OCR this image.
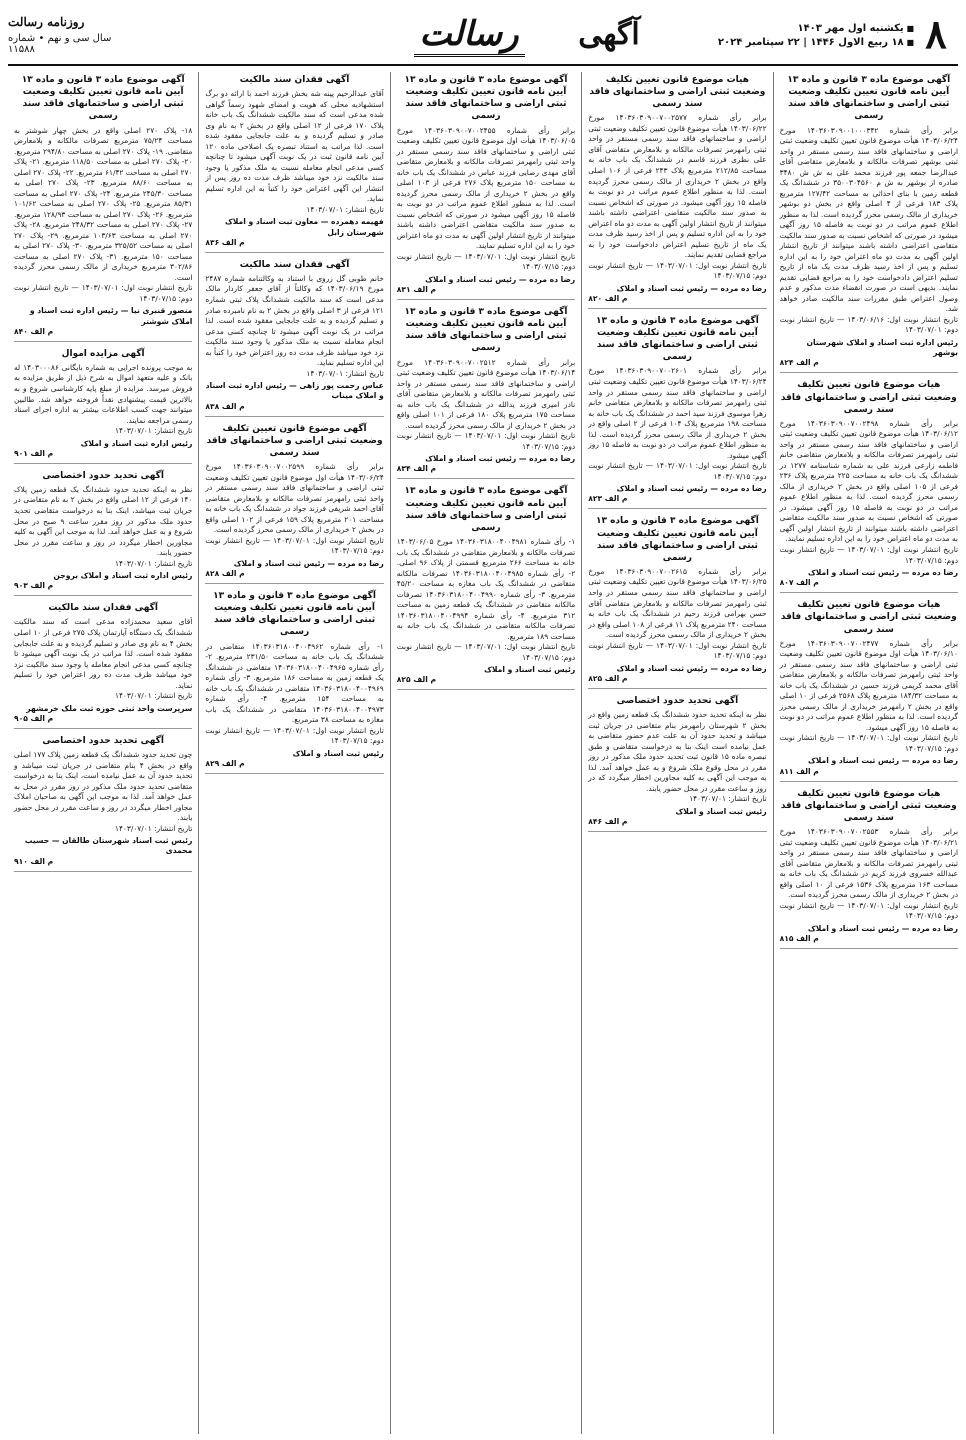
۸
■ یکشنبه اول مهر ۱۴۰۳
■ ۱۸ ربیع الاول ۱۴۴۶ | ۲۲ سپتامبر ۲۰۲۴
آگهی
رسالت
روزنامه رسالت
سال سی و نهم • شماره ۱۱۵۸۸
آگهی موضوع ماده ۳ قانون و ماده ۱۳ آیین نامه قانون تعیین تکلیف وضعیت ثبتی اراضی و ساختمانهای فاقد سند رسمی
برابر رأی شماره ۱۴۰۳۶۰۳۰۹۰۰۱۰۰۰۳۴۲ مورخ ۱۴۰۳/۰۶/۲۴ هیأت موضوع قانون تعیین تکلیف وضعیت ثبتی اراضی و ساختمانهای فاقد سند رسمی مستقر در واحد ثبتی بوشهر تصرفات مالکانه و بلامعارض متقاضی آقای عبدالرضا جمعه پور فرزند محمد علی به ش ش ۳۴۸۰ صادره از بوشهر به ش م ۳۵۰۰۳۰۴۵۶۰ در ششدانگ یک قطعه زمین با بنای احداثی به مساحت ۱۲۷/۴۲ مترمربع پلاک ۱۸۳ فرعی از ۴ اصلی واقع در بخش دو بوشهر خریداری از مالک رسمی محرز گردیده است. لذا به منظور اطلاع عموم مراتب در دو نوبت به فاصله ۱۵ روز آگهی میشود در صورتی که اشخاص نسبت به صدور سند مالکیت متقاضی اعتراضی داشته باشند میتوانند از تاریخ انتشار اولین آگهی به مدت دو ماه اعتراض خود را به این اداره تسلیم و پس از اخذ رسید ظرف مدت یک ماه از تاریخ تسلیم اعتراض دادخواست خود را به مراجع قضایی تقدیم نمایند. بدیهی است در صورت انقضاء مدت مذکور و عدم وصول اعتراض طبق مقررات سند مالکیت صادر خواهد شد.
تاریخ انتشار نوبت اول: ۱۴۰۳/۰۶/۱۶ — تاریخ انتشار نوبت دوم: ۱۴۰۳/۰۷/۰۱
رئیس اداره ثبت اسناد و املاک شهرستان بوشهر
م الف ۸۲۴
هیات موضوع قانون تعیین تکلیف وضعیت ثبتی اراضی و ساختمانهای فاقد سند رسمی
برابر رأی شماره ۱۴۰۳۶۰۳۰۹۰۰۷۰۰۲۴۹۸ مورخ ۱۴۰۳/۰۶/۱۲ هیأت موضوع قانون تعیین تکلیف وضعیت ثبتی اراضی و ساختمانهای فاقد سند رسمی مستقر در واحد ثبتی رامهرمز تصرفات مالکانه و بلامعارض متقاضی خانم فاطمه زارعی فرزند علی به شماره شناسنامه ۱۲۷۷ در ششدانگ یک باب خانه به مساحت ۲۲۵ مترمربع پلاک ۲۳۶ فرعی از ۱۰۵ اصلی واقع در بخش ۲ خریداری از مالک رسمی محرز گردیده است. لذا به منظور اطلاع عموم مراتب در دو نوبت به فاصله ۱۵ روز آگهی میشود. در صورتی که اشخاص نسبت به صدور سند مالکیت متقاضی اعتراضی داشته باشند میتوانند از تاریخ انتشار اولین آگهی به مدت دو ماه اعتراض خود را به این اداره تسلیم نمایند.
تاریخ انتشار نوبت اول: ۱۴۰۳/۰۷/۰۱ — تاریخ انتشار نوبت دوم: ۱۴۰۳/۰۷/۱۵
رضا ده مرده — رئیس ثبت اسناد و املاک
م الف ۸۰۷
هیات موضوع قانون تعیین تکلیف وضعیت ثبتی اراضی و ساختمانهای فاقد سند رسمی
برابر رأی شماره ۱۴۰۳۶۰۳۰۹۰۰۷۰۰۲۴۷۷ مورخ ۱۴۰۳/۰۶/۱۰ هیأت اول موضوع قانون تعیین تکلیف وضعیت ثبتی اراضی و ساختمانهای فاقد سند رسمی مستقر در واحد ثبتی رامهرمز تصرفات مالکانه و بلامعارض متقاضی آقای محمد کریمی فرزند حسین در ششدانگ یک باب خانه به مساحت ۱۸۴/۳۲ مترمربع پلاک ۲۵۶۸ فرعی از ۱۰ اصلی واقع در بخش ۲ رامهرمز خریداری از مالک رسمی محرز گردیده است. لذا به منظور اطلاع عموم مراتب در دو نوبت به فاصله ۱۵ روز آگهی میشود.
تاریخ انتشار نوبت اول: ۱۴۰۳/۰۷/۰۱ — تاریخ انتشار نوبت دوم: ۱۴۰۳/۰۷/۱۵
رضا ده مرده — رئیس ثبت اسناد و املاک
م الف ۸۱۱
هیات موضوع قانون تعیین تکلیف وضعیت ثبتی اراضی و ساختمانهای فاقد سند رسمی
برابر رأی شماره ۱۴۰۳۶۰۳۰۹۰۰۷۰۰۲۵۵۳ مورخ ۱۴۰۳/۰۶/۲۱ هیأت موضوع قانون تعیین تکلیف وضعیت ثبتی اراضی و ساختمانهای فاقد سند رسمی مستقر در واحد ثبتی رامهرمز تصرفات مالکانه و بلامعارض متقاضی آقای عبدالله خسروی فرزند کریم در ششدانگ یک باب خانه به مساحت ۱۶۳ مترمربع پلاک ۱۵۳۶ فرعی از ۱۰ اصلی واقع در بخش ۲ خریداری از مالک رسمی محرز گردیده است.
تاریخ انتشار نوبت اول: ۱۴۰۳/۰۷/۰۱ — تاریخ انتشار نوبت دوم: ۱۴۰۳/۰۷/۱۵
رضا ده مرده — رئیس ثبت اسناد و املاک
م الف ۸۱۵
هیات موضوع قانون تعیین تکلیف وضعیت ثبتی اراضی و ساختمانهای فاقد سند رسمی
برابر رأی شماره ۱۴۰۳۶۰۳۰۹۰۰۷۰۰۲۵۷۷ مورخ ۱۴۰۳/۰۶/۲۲ هیأت موضوع قانون تعیین تکلیف وضعیت ثبتی اراضی و ساختمانهای فاقد سند رسمی مستقر در واحد ثبتی رامهرمز تصرفات مالکانه و بلامعارض متقاضی آقای علی نظری فرزند قاسم در ششدانگ یک باب خانه به مساحت ۲۱۲/۸۵ مترمربع پلاک ۲۴۳ فرعی از ۱۰۶ اصلی واقع در بخش ۲ خریداری از مالک رسمی محرز گردیده است. لذا به منظور اطلاع عموم مراتب در دو نوبت به فاصله ۱۵ روز آگهی میشود. در صورتی که اشخاص نسبت به صدور سند مالکیت متقاضی اعتراضی داشته باشند میتوانند از تاریخ انتشار اولین آگهی به مدت دو ماه اعتراض خود را به این اداره تسلیم و پس از اخذ رسید ظرف مدت یک ماه از تاریخ تسلیم اعتراض دادخواست خود را به مراجع قضایی تقدیم نمایند.
تاریخ انتشار نوبت اول: ۱۴۰۳/۰۷/۰۱ — تاریخ انتشار نوبت دوم: ۱۴۰۳/۰۷/۱۵
رضا ده مرده — رئیس ثبت اسناد و املاک
م الف ۸۲۰
آگهی موضوع ماده ۳ قانون و ماده ۱۳ آیین نامه قانون تعیین تکلیف وضعیت ثبتی اراضی و ساختمانهای فاقد سند رسمی
برابر رأی شماره ۱۴۰۳۶۰۳۰۹۰۰۷۰۰۲۶۰۱ مورخ ۱۴۰۳/۰۶/۲۴ هیأت موضوع قانون تعیین تکلیف وضعیت ثبتی اراضی و ساختمانهای فاقد سند رسمی مستقر در واحد ثبتی رامهرمز تصرفات مالکانه و بلامعارض متقاضی خانم زهرا موسوی فرزند سید احمد در ششدانگ یک باب خانه به مساحت ۱۹۸ مترمربع پلاک ۱۰۴ فرعی از ۲ اصلی واقع در بخش ۲ خریداری از مالک رسمی محرز گردیده است. لذا به منظور اطلاع عموم مراتب در دو نوبت به فاصله ۱۵ روز آگهی میشود.
تاریخ انتشار نوبت اول: ۱۴۰۳/۰۷/۰۱ — تاریخ انتشار نوبت دوم: ۱۴۰۳/۰۷/۱۵
رضا ده مرده — رئیس ثبت اسناد و املاک
م الف ۸۲۳
آگهی موضوع ماده ۳ قانون و ماده ۱۳ آیین نامه قانون تعیین تکلیف وضعیت ثبتی اراضی و ساختمانهای فاقد سند رسمی
برابر رأی شماره ۱۴۰۳۶۰۳۰۹۰۰۷۰۰۲۶۱۵ مورخ ۱۴۰۳/۰۶/۲۵ هیأت موضوع قانون تعیین تکلیف وضعیت ثبتی اراضی و ساختمانهای فاقد سند رسمی مستقر در واحد ثبتی رامهرمز تصرفات مالکانه و بلامعارض متقاضی آقای حسن بهرامی فرزند رحیم در ششدانگ یک باب خانه به مساحت ۲۴۰ مترمربع پلاک ۱۱ فرعی از ۱۰۸ اصلی واقع در بخش ۲ خریداری از مالک رسمی محرز گردیده است.
تاریخ انتشار نوبت اول: ۱۴۰۳/۰۷/۰۱ — تاریخ انتشار نوبت دوم: ۱۴۰۳/۰۷/۱۵
رضا ده مرده — رئیس ثبت اسناد و املاک
م الف ۸۲۵
آگهی تحدید حدود اختصاصی
نظر به اینکه تحدید حدود ششدانگ یک قطعه زمین واقع در بخش ۲ شهرستان رامهرمز بنام متقاضی در جریان ثبت میباشد و تحدید حدود آن به علت عدم حضور متقاضی به عمل نیامده است اینک بنا به درخواست متقاضی و طبق تبصره ماده ۱۵ قانون ثبت تحدید حدود ملک مذکور در روز مقرر در محل وقوع ملک شروع و به عمل خواهد آمد. لذا به موجب این آگهی به کلیه مجاورین اخطار میگردد که در روز و ساعت مقرر در محل حضور یابند.
تاریخ انتشار: ۱۴۰۳/۰۷/۰۱
رئیس ثبت اسناد و املاک
م الف ۸۴۶
آگهی موضوع ماده ۳ قانون و ماده ۱۳ آیین نامه قانون تعیین تکلیف وضعیت ثبتی اراضی و ساختمانهای فاقد سند رسمی
برابر رأی شماره ۱۴۰۳۶۰۳۰۹۰۰۷۰۰۲۴۵۵ مورخ ۱۴۰۳/۰۶/۰۵ هیأت اول موضوع قانون تعیین تکلیف وضعیت ثبتی اراضی و ساختمانهای فاقد سند رسمی مستقر در واحد ثبتی رامهرمز تصرفات مالکانه و بلامعارض متقاضی آقای مهدی رضایی فرزند عباس در ششدانگ یک باب خانه به مساحت ۱۵۰ مترمربع پلاک ۲۷۶ فرعی از ۱۰۳ اصلی واقع در بخش ۲ خریداری از مالک رسمی محرز گردیده است. لذا به منظور اطلاع عموم مراتب در دو نوبت به فاصله ۱۵ روز آگهی میشود در صورتی که اشخاص نسبت به صدور سند مالکیت متقاضی اعتراضی داشته باشند میتوانند از تاریخ انتشار اولین آگهی به مدت دو ماه اعتراض خود را به این اداره تسلیم نمایند.
تاریخ انتشار نوبت اول: ۱۴۰۳/۰۷/۰۱ — تاریخ انتشار نوبت دوم: ۱۴۰۳/۰۷/۱۵
رضا ده مرده — رئیس ثبت اسناد و املاک
م الف ۸۳۱
آگهی موضوع ماده ۳ قانون و ماده ۱۳ آیین نامه قانون تعیین تکلیف وضعیت ثبتی اراضی و ساختمانهای فاقد سند رسمی
برابر رأی شماره ۱۴۰۳۶۰۳۰۹۰۰۷۰۰۲۵۱۲ مورخ ۱۴۰۳/۰۶/۱۴ هیأت موضوع قانون تعیین تکلیف وضعیت ثبتی اراضی و ساختمانهای فاقد سند رسمی مستقر در واحد ثبتی رامهرمز تصرفات مالکانه و بلامعارض متقاضی آقای نادر امیری فرزند یدالله در ششدانگ یک باب خانه به مساحت ۱۷۵ مترمربع پلاک ۱۸۰ فرعی از ۱۰۱ اصلی واقع در بخش ۲ خریداری از مالک رسمی محرز گردیده است.
تاریخ انتشار نوبت اول: ۱۴۰۳/۰۷/۰۱ — تاریخ انتشار نوبت دوم: ۱۴۰۳/۰۷/۱۵
رضا ده مرده — رئیس ثبت اسناد و املاک
م الف ۸۳۴
آگهی موضوع ماده ۳ قانون و ماده ۱۳ آیین نامه قانون تعیین تکلیف وضعیت ثبتی اراضی و ساختمانهای فاقد سند رسمی
۱- رأی شماره ۱۴۰۳۶۰۳۱۸۰۰۴۰۰۴۹۸۱ مورخ ۱۴۰۳/۰۶/۰۵ تصرفات مالکانه و بلامعارض متقاضی در ششدانگ یک باب خانه به مساحت ۲۶۶ مترمربع قسمتی از پلاک ۹۶ اصلی. ۲- رأی شماره ۱۴۰۳۶۰۳۱۸۰۰۴۰۰۴۹۸۵ تصرفات مالکانه متقاضی در ششدانگ یک باب مغازه به مساحت ۴۵/۲۰ مترمربع. ۳- رأی شماره ۱۴۰۳۶۰۳۱۸۰۰۴۰۰۴۹۹۰ تصرفات مالکانه متقاضی در ششدانگ یک قطعه زمین به مساحت ۳۱۲ مترمربع. ۴- رأی شماره ۱۴۰۳۶۰۳۱۸۰۰۴۰۰۴۹۹۴ تصرفات مالکانه متقاضی در ششدانگ یک باب خانه به مساحت ۱۸۹ مترمربع.
تاریخ انتشار نوبت اول: ۱۴۰۳/۰۷/۰۱ — تاریخ انتشار نوبت دوم: ۱۴۰۳/۰۷/۱۵
رئیس ثبت اسناد و املاک
م الف ۸۲۵
آگهی فقدان سند مالکیت
آقای عبدالرحیم پینه شه بخش فرزند احمد با ارائه دو برگ استشهادیه محلی که هویت و امضای شهود رسماً گواهی شده مدعی است که سند مالکیت ششدانگ یک باب خانه پلاک ۱۷۰ فرعی از ۱۲ اصلی واقع در بخش ۲ به نام وی صادر و تسلیم گردیده و به علت جابجایی مفقود شده است. لذا مراتب به استناد تبصره یک اصلاحی ماده ۱۲۰ آیین نامه قانون ثبت در یک نوبت آگهی میشود تا چنانچه کسی مدعی انجام معامله نسبت به ملک مذکور یا وجود سند مالکیت نزد خود میباشد ظرف مدت ده روز پس از انتشار این آگهی اعتراض خود را کتباً به این اداره تسلیم نماید.
تاریخ انتشار: ۱۴۰۳/۰۷/۰۱
فهیمه دهمرده — معاون ثبت اسناد و املاک شهرستان زابل
م الف ۸۳۶
آگهی فقدان سند مالکیت
خانم طوبی گل زروی با استناد به وکالتنامه شماره ۲۴۸۷ مورخ ۱۴۰۳/۰۶/۱۹ که وکالتاً از آقای جعفر کاردار مالک مدعی است که سند مالکیت ششدانگ پلاک ثبتی شماره ۱۲۱ فرعی از ۳ اصلی واقع در بخش ۲ به نام نامبرده صادر و تسلیم گردیده و به علت جابجایی مفقود شده است. لذا مراتب در یک نوبت آگهی میشود تا چنانچه کسی مدعی انجام معامله نسبت به ملک مذکور یا وجود سند مالکیت نزد خود میباشد ظرف مدت ده روز اعتراض خود را کتباً به این اداره تسلیم نماید.
تاریخ انتشار: ۱۴۰۳/۰۷/۰۱
عباس رحمت پور زاهی — رئیس اداره ثبت اسناد و املاک میناب
م الف ۸۳۸
آگهی موضوع قانون تعیین تکلیف وضعیت ثبتی اراضی و ساختمانهای فاقد سند رسمی
برابر رأی شماره ۱۴۰۳۶۰۳۰۹۰۰۷۰۰۲۵۹۹ مورخ ۱۴۰۳/۰۶/۲۴ هیأت اول موضوع قانون تعیین تکلیف وضعیت ثبتی اراضی و ساختمانهای فاقد سند رسمی مستقر در واحد ثبتی رامهرمز تصرفات مالکانه و بلامعارض متقاضی آقای احمد شریفی فرزند جواد در ششدانگ یک باب خانه به مساحت ۲۰۱ مترمربع پلاک ۱۵۹ فرعی از ۱۰۲ اصلی واقع در بخش ۲ خریداری از مالک رسمی محرز گردیده است.
تاریخ انتشار نوبت اول: ۱۴۰۳/۰۷/۰۱ — تاریخ انتشار نوبت دوم: ۱۴۰۳/۰۷/۱۵
رضا ده مرده — رئیس ثبت اسناد و املاک
م الف ۸۲۸
آگهی موضوع ماده ۳ قانون و ماده ۱۳ آیین نامه قانون تعیین تکلیف وضعیت ثبتی اراضی و ساختمانهای فاقد سند رسمی
۱- رأی شماره ۱۴۰۳۶۰۳۱۸۰۰۴۰۰۴۹۶۲ متقاضی در ششدانگ یک باب خانه به مساحت ۲۳۱/۵۰ مترمربع. ۲- رأی شماره ۱۴۰۳۶۰۳۱۸۰۰۴۰۰۴۹۶۵ متقاضی در ششدانگ یک قطعه زمین به مساحت ۱۸۶ مترمربع. ۳- رأی شماره ۱۴۰۳۶۰۳۱۸۰۰۴۰۰۴۹۶۹ متقاضی در ششدانگ یک باب خانه به مساحت ۱۵۴ مترمربع. ۴- رأی شماره ۱۴۰۳۶۰۳۱۸۰۰۴۰۰۴۹۷۳ متقاضی در ششدانگ یک باب مغازه به مساحت ۳۸ مترمربع.
تاریخ انتشار نوبت اول: ۱۴۰۳/۰۷/۰۱ — تاریخ انتشار نوبت دوم: ۱۴۰۳/۰۷/۱۵
رئیس ثبت اسناد و املاک
م الف ۸۲۹
آگهی موضوع ماده ۳ قانون و ماده ۱۳ آیین نامه قانون تعیین تکلیف وضعیت ثبتی اراضی و ساختمانهای فاقد سند رسمی
۱۸- پلاک ۲۷۰ اصلی واقع در بخش چهار شوشتر به مساحت ۷۵/۲۴ مترمربع تصرفات مالکانه و بلامعارض متقاضی. ۱۹- پلاک ۲۷۰ اصلی به مساحت ۲۹۴/۸۰ مترمربع. ۲۰- پلاک ۲۷۰ اصلی به مساحت ۱۱۸/۵۰ مترمربع. ۲۱- پلاک ۲۷۰ اصلی به مساحت ۶۱/۴۲ مترمربع. ۲۲- پلاک ۲۷۰ اصلی به مساحت ۸۸/۶۰ مترمربع. ۲۳- پلاک ۲۷۰ اصلی به مساحت ۲۴۵/۳۰ مترمربع. ۲۴- پلاک ۲۷۰ اصلی به مساحت ۸۵/۳۱ مترمربع. ۲۵- پلاک ۲۷۰ اصلی به مساحت ۱۰۱/۶۲ مترمربع. ۲۶- پلاک ۲۷۰ اصلی به مساحت ۱۲۸/۹۳ مترمربع. ۲۷- پلاک ۲۷۰ اصلی به مساحت ۲۴۸/۳۲ مترمربع. ۲۸- پلاک ۲۷۰ اصلی به مساحت ۱۰۳/۶۳ مترمربع. ۲۹- پلاک ۲۷۰ اصلی به مساحت ۳۲۵/۵۲ مترمربع. ۳۰- پلاک ۲۷۰ اصلی به مساحت ۱۵۰ مترمربع. ۳۱- پلاک ۲۷۰ اصلی به مساحت ۳۰۲/۸۶ مترمربع خریداری از مالک رسمی محرز گردیده است.
تاریخ انتشار نوبت اول: ۱۴۰۳/۰۷/۰۱ — تاریخ انتشار نوبت دوم: ۱۴۰۳/۰۷/۱۵
منصور قنبری نیا — رئیس اداره ثبت اسناد و املاک شوشتر
م الف ۸۴۰
آگهی مزایده اموال
به موجب پرونده اجرایی به شماره بایگانی ۱۴۰۳۰۰۰۸۶ له بانک و علیه متعهد اموال به شرح ذیل از طریق مزایده به فروش میرسد. مزایده از مبلغ پایه کارشناسی شروع و به بالاترین قیمت پیشنهادی نقداً فروخته خواهد شد. طالبین میتوانند جهت کسب اطلاعات بیشتر به اداره اجرای اسناد رسمی مراجعه نمایند.
تاریخ انتشار: ۱۴۰۳/۰۷/۰۱
رئیس اداره ثبت اسناد و املاک
م الف ۹۰۱
آگهی تحدید حدود اختصاصی
نظر به اینکه تحدید حدود ششدانگ یک قطعه زمین پلاک ۱۴۰ فرعی از ۱۲ اصلی واقع در بخش ۲ به نام متقاضی در جریان ثبت میباشد، اینک بنا به درخواست متقاضی تحدید حدود ملک مذکور در روز مقرر ساعت ۹ صبح در محل شروع و به عمل خواهد آمد. لذا به موجب این آگهی به کلیه مجاورین اخطار میگردد در روز و ساعت مقرر در محل حضور یابند.
تاریخ انتشار: ۱۴۰۳/۰۷/۰۱
رئیس اداره ثبت اسناد و املاک بروجن
م الف ۹۰۳
آگهی فقدان سند مالکیت
آقای سعید محمدزاده مدعی است که سند مالکیت ششدانگ یک دستگاه آپارتمان پلاک ۲۷۵ فرعی از ۱۰ اصلی بخش ۴ به نام وی صادر و تسلیم گردیده و به علت جابجایی مفقود شده است. لذا مراتب در یک نوبت آگهی میشود تا چنانچه کسی مدعی انجام معامله یا وجود سند مالکیت نزد خود میباشد ظرف مدت ده روز اعتراض خود را تسلیم نماید.
تاریخ انتشار: ۱۴۰۳/۰۷/۰۱
سرپرست واحد ثبتی حوزه ثبت ملک خرمشهر
م الف ۹۰۵
آگهی تحدید حدود اختصاصی
چون تحدید حدود ششدانگ یک قطعه زمین پلاک ۱۷۷ اصلی واقع در بخش ۴ بنام متقاضی در جریان ثبت میباشد و تحدید حدود آن به عمل نیامده است، اینک بنا به درخواست متقاضی تحدید حدود ملک مذکور در روز مقرر در محل به عمل خواهد آمد. لذا به موجب این آگهی به صاحبان املاک مجاور اخطار میگردد در روز و ساعت مقرر در محل حضور یابند.
تاریخ انتشار: ۱۴۰۳/۰۷/۰۱
رئیس ثبت اسناد شهرستان طالقان — حسیب محمدی
م الف ۹۱۰
